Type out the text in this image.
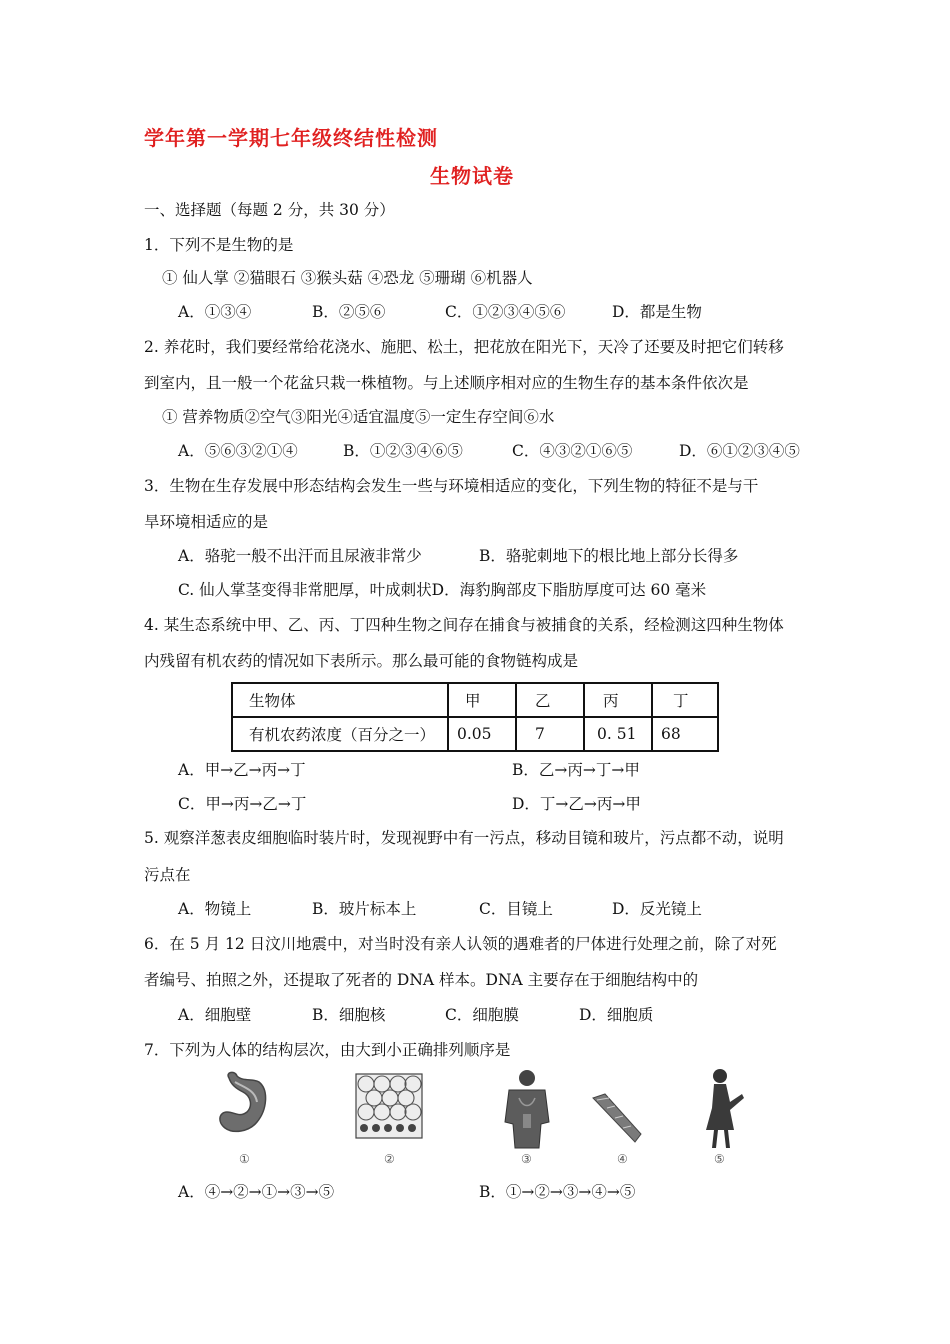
学年第一学期七年级终结性检测
生物试卷
一、选择题（每题 2 分，共 30 分）
1．下列不是生物的是
① 仙人掌 ②猫眼石 ③猴头菇 ④恐龙 ⑤珊瑚 ⑥机器人
A．①③④	B．②⑤⑥	C．①②③④⑤⑥	D．都是生物
2. 养花时，我们要经常给花浇水、施肥、松土，把花放在阳光下，天冷了还要及时把它们转移
到室内，且一般一个花盆只栽一株植物。与上述顺序相对应的生物生存的基本条件依次是
① 营养物质②空气③阳光④适宜温度⑤一定生存空间⑥水
A．⑤⑥③②①④	B．①②③④⑥⑤	C．④③②①⑥⑤	D．⑥①②③④⑤
3．生物在生存发展中形态结构会发生一些与环境相适应的变化，下列生物的特征不是与干
旱环境相适应的是
A．骆驼一般不出汗而且尿液非常少	B．骆驼刺地下的根比地上部分长得多
C. 仙人掌茎变得非常肥厚，叶成刺状D．海豹胸部皮下脂肪厚度可达 60 毫米
4. 某生态系统中甲、乙、丙、丁四种生物之间存在捕食与被捕食的关系，经检测这四种生物体
内残留有机农药的情况如下表所示。那么最可能的食物链构成是
生物体	甲	乙	丙	丁
有机农药浓度（百分之一）	0.05	7	0. 51	68
A．甲→乙→丙→丁	B．乙→丙→丁→甲
C．甲→丙→乙→丁	D．丁→乙→丙→甲
5. 观察洋葱表皮细胞临时装片时，发现视野中有一污点，移动目镜和玻片，污点都不动，说明
污点在
A．物镜上	B．玻片标本上	C．目镜上	D．反光镜上
6．在 5 月 12 日汶川地震中，对当时没有亲人认领的遇难者的尸体进行处理之前，除了对死
者编号、拍照之外，还提取了死者的 DNA 样本。DNA 主要存在于细胞结构中的
A．细胞壁	B．细胞核	C．细胞膜	D．细胞质
7．下列为人体的结构层次，由大到小正确排列顺序是
①	②	③	④	⑤
A．④→②→①→③→⑤	B．①→②→③→④→⑤
